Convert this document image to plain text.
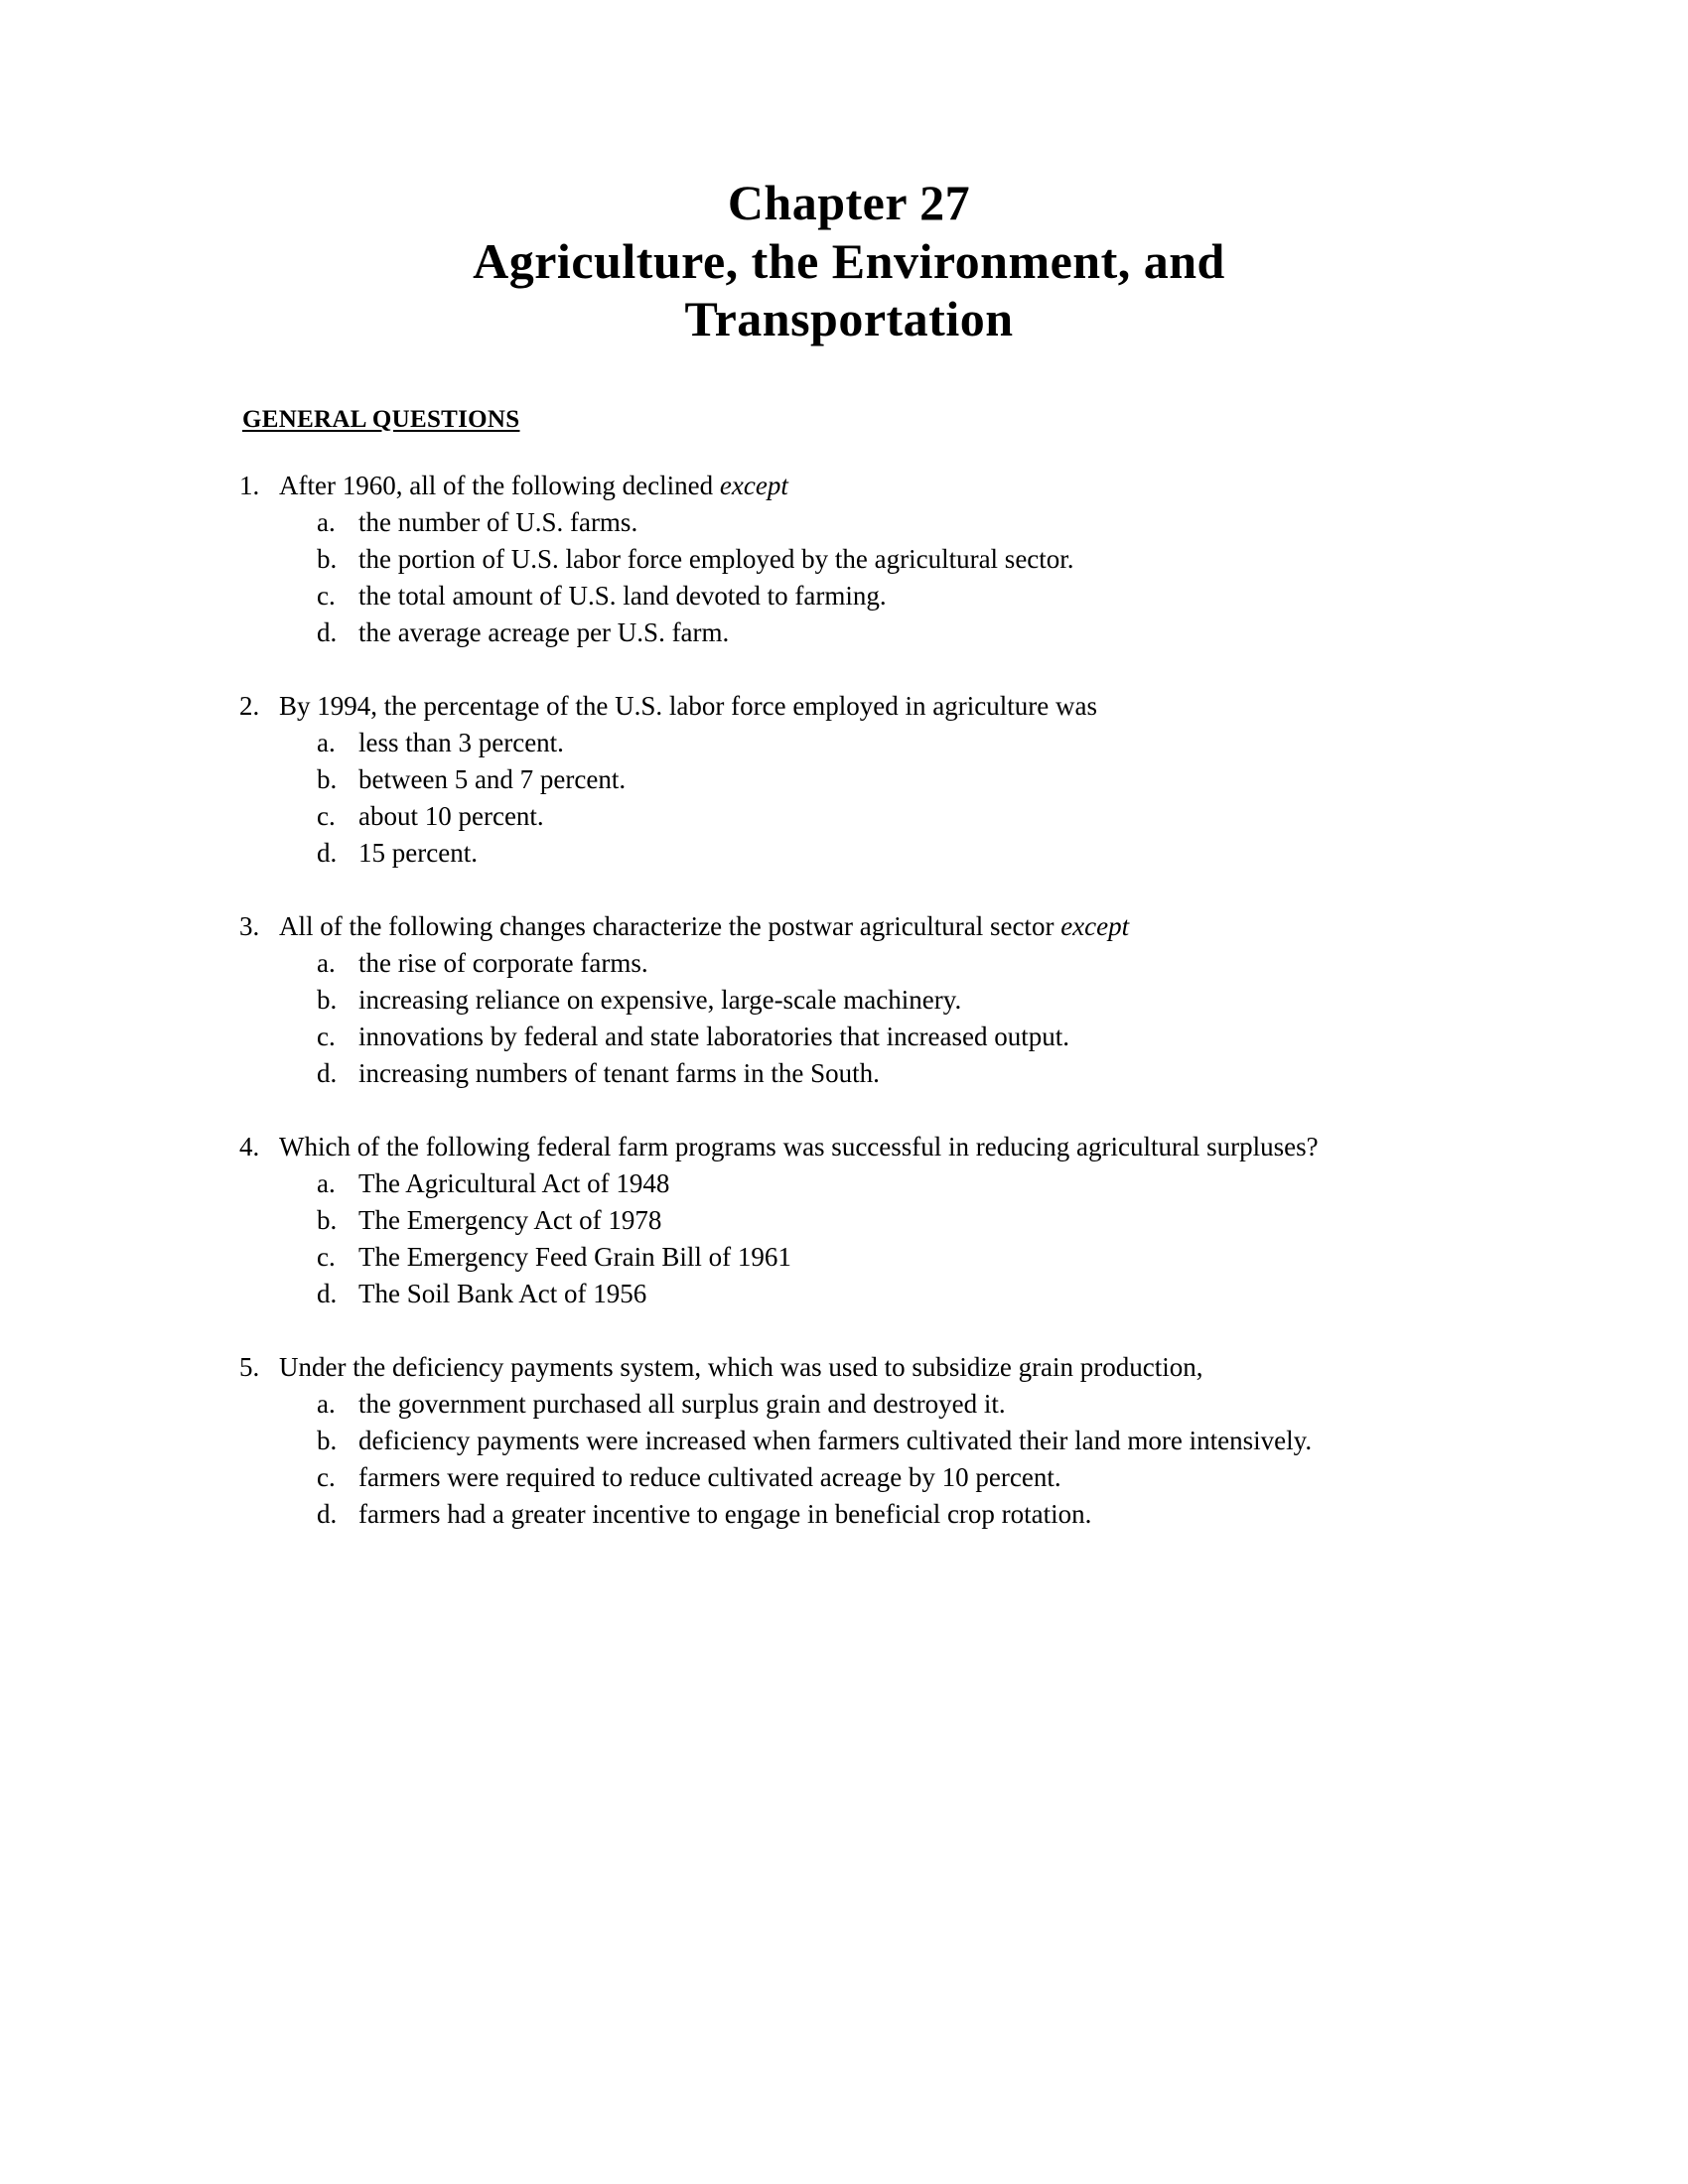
Chapter 27
Agriculture, the Environment, and
Transportation
GENERAL QUESTIONS
1. After 1960, all of the following declined except

a. the number of U.S. farms.
b. the portion of U.S. labor force employed by the agricultural sector.
c. the total amount of U.S. land devoted to farming.
d. the average acreage per U.S. farm.
2. By 1994, the percentage of the U.S. labor force employed in agriculture was

a. less than 3 percent.
b. between 5 and 7 percent.
c. about 10 percent.
d. 15 percent.
3. All of the following changes characterize the postwar agricultural sector except

a. the rise of corporate farms.
b. increasing reliance on expensive, large-scale machinery.
c. innovations by federal and state laboratories that increased output.
d. increasing numbers of tenant farms in the South.
4. Which of the following federal farm programs was successful in reducing agricultural surpluses?

a. The Agricultural Act of 1948
b. The Emergency Act of 1978
c. The Emergency Feed Grain Bill of 1961
d. The Soil Bank Act of 1956
5. Under the deficiency payments system, which was used to subsidize grain production,

a. the government purchased all surplus grain and destroyed it.
b. deficiency payments were increased when farmers cultivated their land more intensively.
c. farmers were required to reduce cultivated acreage by 10 percent.
d. farmers had a greater incentive to engage in beneficial crop rotation.
